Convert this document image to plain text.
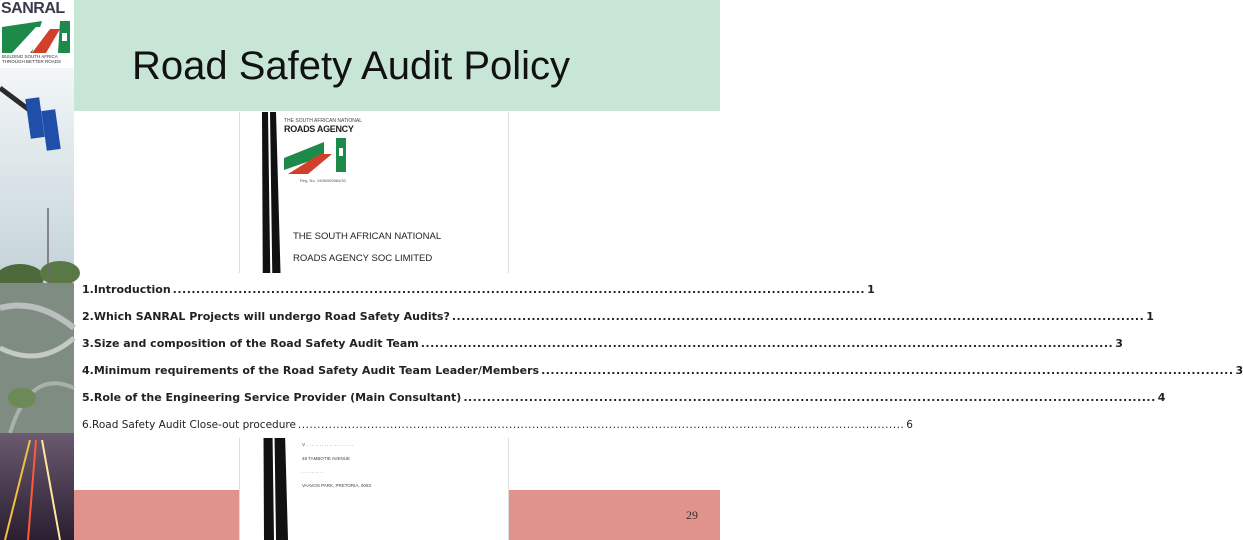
SANRAL
BUILDING SOUTH AFRICA
THROUGH BETTER ROADS Road Safety Audit Policy
THE SOUTH AFRICAN NATIONAL
ROADS AGENCY
Reg. No. 1998/009584/30
THE SOUTH AFRICAN NATIONAL
ROADS AGENCY SOC LIMITED
V. . . . . . . . . . . . . . . . . . . .
48 TAMBOTIE AVENUE
. . . . . . . . .
VAAVOS PARK, PRETORIA, 0083
1. Introduction .................................................................................................................................................... 1
2. Which SANRAL Projects will undergo Road Safety Audits? .................................................................................................................................................... 1
3. Size and composition of the Road Safety Audit Team .................................................................................................................................................... 3
4. Minimum requirements of the Road Safety Audit Team Leader/Members .................................................................................................................................................... 3
5. Role of the Engineering Service Provider (Main Consultant) .................................................................................................................................................... 4
6. Road Safety Audit Close-out procedure .............................................................................................................................................................. 6
29
